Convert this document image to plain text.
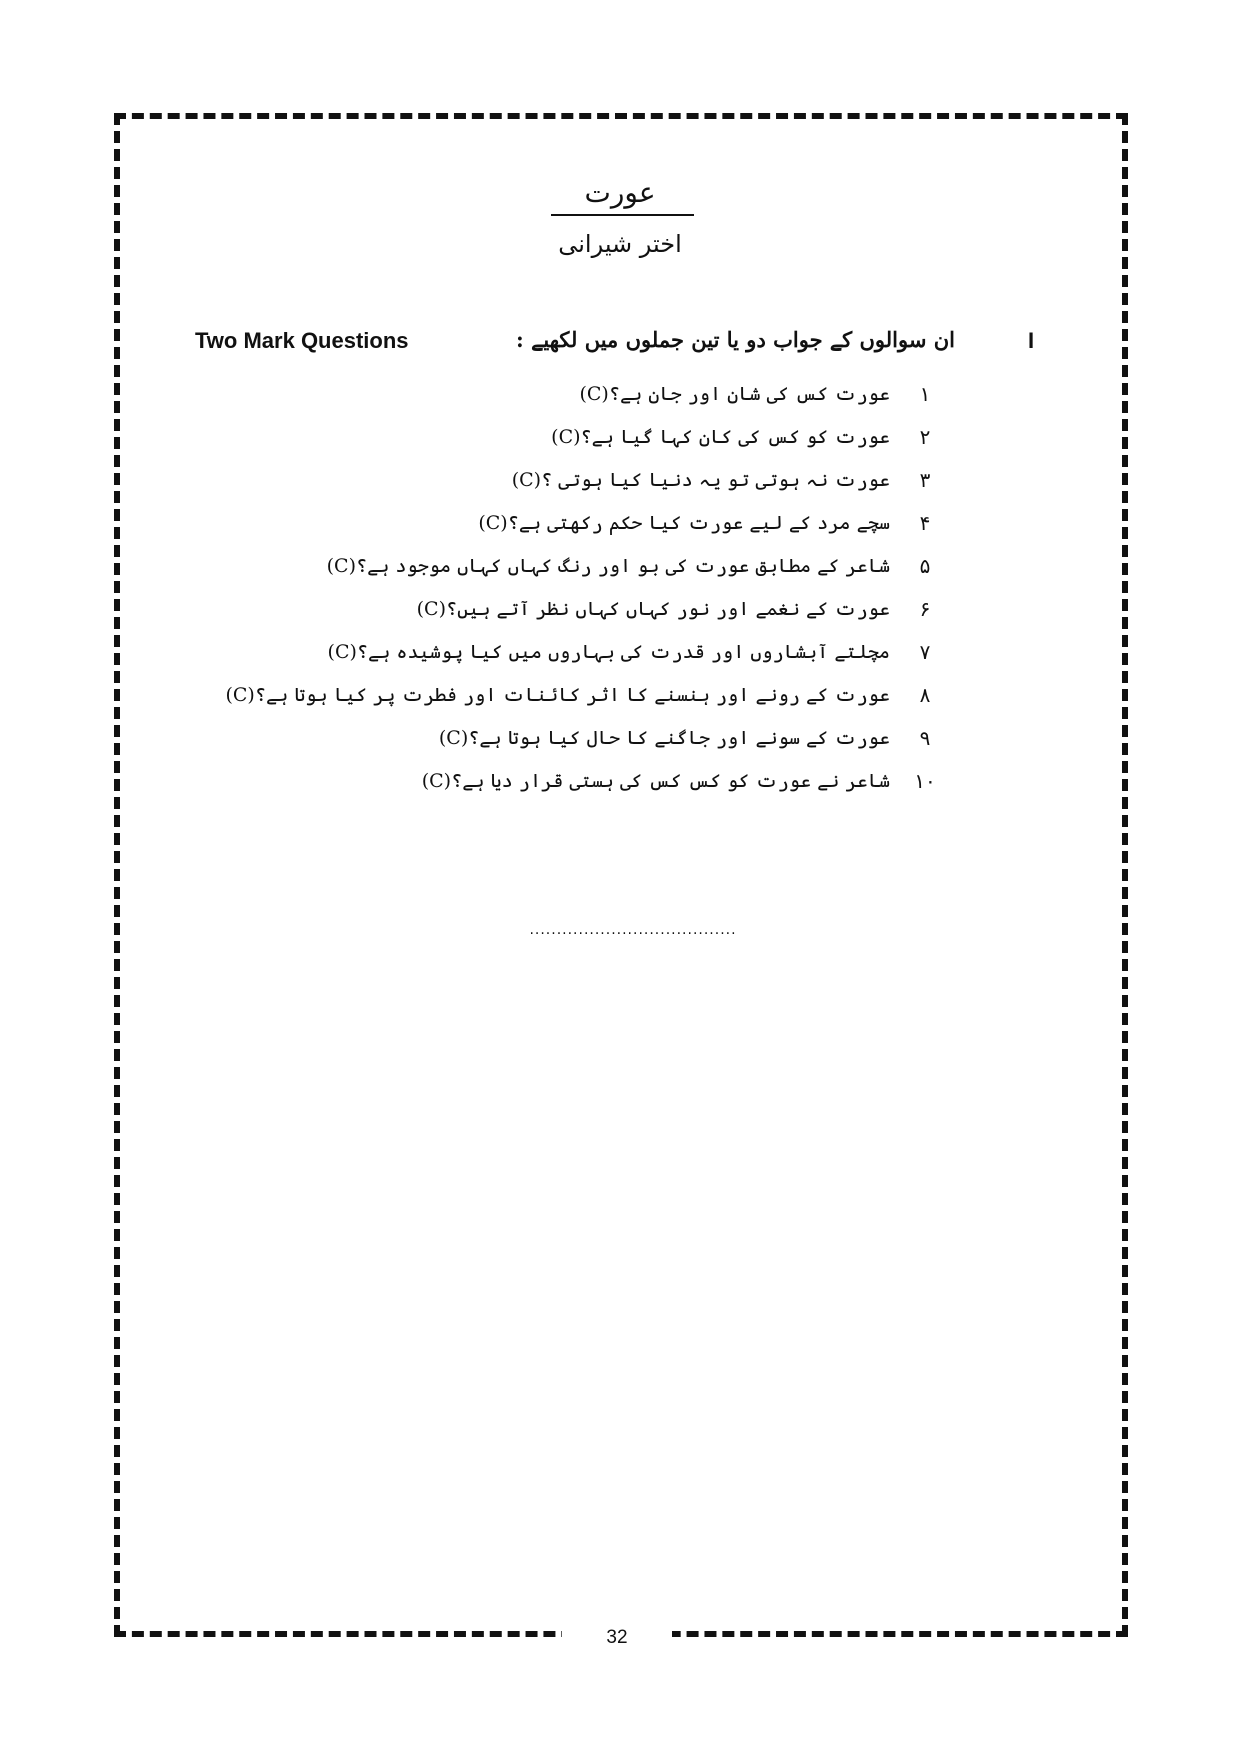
32
عورت
اختر شیرانی
I
ان سوالوں کے جواب دو یا تین جملوں میں لکھیے :
Two Mark Questions
۱
عورت کس کی شان اور جان ہے؟(C)
۲
عورت کو کس کی کان کہا گیا ہے؟(C)
۳
عورت نہ ہوتی تو یہ دنیا کیا ہوتی ؟(C)
۴
سچے مرد کے لیے عورت کیا حکم رکھتی ہے؟(C)
۵
شاعر کے مطابق عورت کی بو اور رنگ کہاں کہاں موجود ہے؟(C)
۶
عورت کے نغمے اور نور کہاں کہاں نظر آتے ہیں؟(C)
۷
مچلتے آبشاروں اور قدرت کی بہاروں میں کیا پوشیدہ ہے؟(C)
۸
عورت کے رونے اور ہنسنے کا اثر کائنات اور فطرت پر کیا ہوتا ہے؟(C)
۹
عورت کے سونے اور جاگنے کا حال کیا ہوتا ہے؟(C)
۱۰
شاعر نے عورت کو کس کس کی ہستی قرار دیا ہے؟(C)
......................................
